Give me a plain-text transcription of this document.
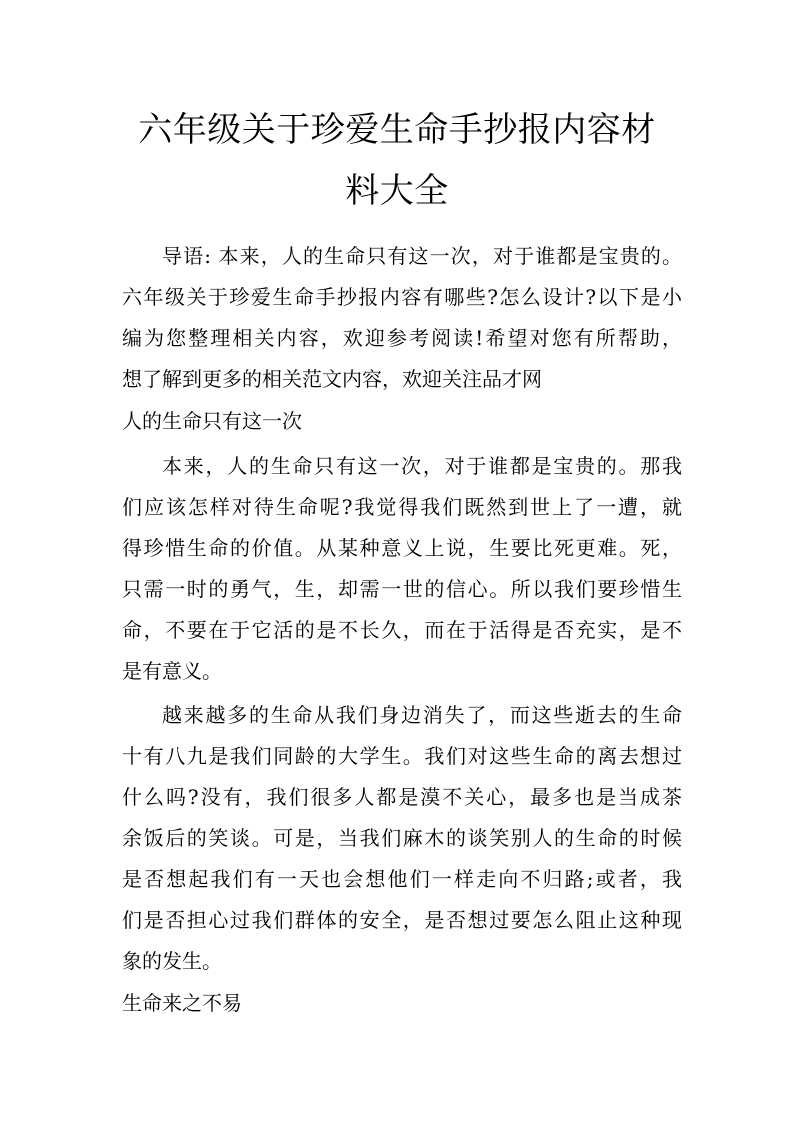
六年级关于珍爱生命手抄报内容材
料大全

导语: 本来，人的生命只有这一次，对于谁都是宝贵的。

六年级关于珍爱生命手抄报内容有哪些?怎么设计?以下是小

编为您整理相关内容，欢迎参考阅读!希望对您有所帮助，

想了解到更多的相关范文内容，欢迎关注品才网

人的生命只有这一次

本来，人的生命只有这一次，对于谁都是宝贵的。那我

们应该怎样对待生命呢?我觉得我们既然到世上了一遭，就

得珍惜生命的价值。从某种意义上说，生要比死更难。死，

只需一时的勇气，生，却需一世的信心。所以我们要珍惜生

命，不要在于它活的是不长久，而在于活得是否充实，是不

是有意义。

越来越多的生命从我们身边消失了，而这些逝去的生命

十有八九是我们同龄的大学生。我们对这些生命的离去想过

什么吗?没有，我们很多人都是漠不关心，最多也是当成茶

余饭后的笑谈。可是，当我们麻木的谈笑别人的生命的时候

是否想起我们有一天也会想他们一样走向不归路;或者，我

们是否担心过我们群体的安全，是否想过要怎么阻止这种现

象的发生。

生命来之不易
